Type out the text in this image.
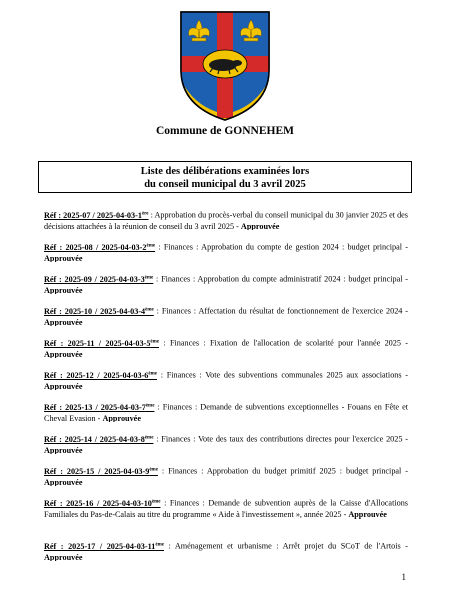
Commune de GONNEHEM
Liste des délibérations examinées lors
du conseil municipal du 3 avril 2025
Réf : 2025-07 / 2025-04-03-1ère : Approbation du procès-verbal du conseil municipal du 30 janvier 2025 et des décisions attachées à la réunion de conseil du 3 avril 2025 - Approuvée
Réf : 2025-08 / 2025-04-03-2ème : Finances : Approbation du compte de gestion 2024 : budget principal - Approuvée
Réf : 2025-09 / 2025-04-03-3ème : Finances : Approbation du compte administratif 2024 : budget principal - Approuvée
Réf : 2025-10 / 2025-04-03-4ème : Finances : Affectation du résultat de fonctionnement de l'exercice 2024 - Approuvée
Réf : 2025-11 / 2025-04-03-5ème : Finances : Fixation de l'allocation de scolarité pour l'année 2025 - Approuvée
Réf : 2025-12 / 2025-04-03-6ème : Finances : Vote des subventions communales 2025 aux associations - Approuvée
Réf : 2025-13 / 2025-04-03-7ème : Finances : Demande de subventions exceptionnelles - Fouans en Fête et Cheval Evasion - Approuvée
Réf : 2025-14 / 2025-04-03-8ème : Finances : Vote des taux des contributions directes pour l'exercice 2025 - Approuvée
Réf : 2025-15 / 2025-04-03-9ème : Finances : Approbation du budget primitif 2025 : budget principal - Approuvée
Réf : 2025-16 / 2025-04-03-10ème : Finances : Demande de subvention auprès de la Caisse d'Allocations Familiales du Pas-de-Calais au titre du programme « Aide à l'investissement », année 2025 - Approuvée
Réf : 2025-17 / 2025-04-03-11ème : Aménagement et urbanisme : Arrêt projet du SCoT de l'Artois - Approuvée
1
